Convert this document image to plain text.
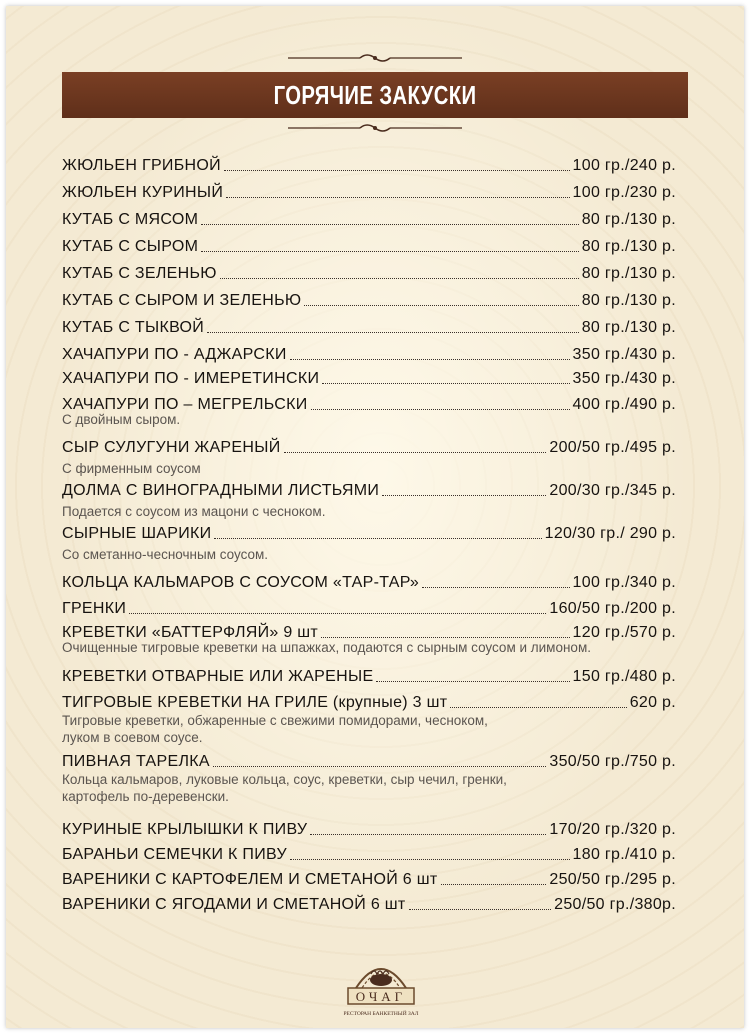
ГОРЯЧИЕ ЗАКУСКИ
ЖЮЛЬЕН ГРИБНОЙ	100 гр./240 р.
ЖЮЛЬЕН КУРИНЫЙ	100 гр./230 р.
КУТАБ С МЯСОМ	80 гр./130 р.
КУТАБ С СЫРОМ	80 гр./130 р.
КУТАБ С ЗЕЛЕНЬЮ	80 гр./130 р.
КУТАБ С СЫРОМ И ЗЕЛЕНЬЮ	80 гр./130 р.
КУТАБ С ТЫКВОЙ	80 гр./130 р.
ХАЧАПУРИ ПО - АДЖАРСКИ	350 гр./430 р.
ХАЧАПУРИ ПО - ИМЕРЕТИНСКИ	350 гр./430 р.
ХАЧАПУРИ ПО – МЕГРЕЛЬСКИ	400 гр./490 р.
С двойным сыром.
СЫР СУЛУГУНИ ЖАРЕНЫЙ	200/50 гр./495 р.
С фирменным соусом
ДОЛМА С ВИНОГРАДНЫМИ ЛИСТЬЯМИ	200/30 гр./345 р.
Подается с соусом из мацони с чесноком.
СЫРНЫЕ ШАРИКИ	120/30 гр./ 290 р.
Со сметанно-чесночным соусом.
КОЛЬЦА КАЛЬМАРОВ С СОУСОМ «ТАР-ТАР»	100 гр./340 р.
ГРЕНКИ	160/50 гр./200 р.
КРЕВЕТКИ «БАТТЕРФЛЯЙ» 9 шт	120 гр./570 р.
Очищенные тигровые креветки на шпажках, подаются с сырным соусом и лимоном.
КРЕВЕТКИ ОТВАРНЫЕ ИЛИ ЖАРЕНЫЕ	150 гр./480 р.
ТИГРОВЫЕ КРЕВЕТКИ НА ГРИЛЕ (крупные) 3 шт	620 р.
Тигровые креветки, обжаренные с свежими помидорами, чесноком,
луком в соевом соусе.
ПИВНАЯ ТАРЕЛКА	350/50 гр./750 р.
Кольца кальмаров, луковые кольца, соус, креветки, сыр чечил, гренки,
картофель по-деревенски.
КУРИНЫЕ КРЫЛЫШКИ К ПИВУ	170/20 гр./320 р.
БАРАНЬИ СЕМЕЧКИ К ПИВУ	180 гр./410 р.
ВАРЕНИКИ С КАРТОФЕЛЕМ И СМЕТАНОЙ 6 шт	250/50 гр./295 р.
ВАРЕНИКИ С ЯГОДАМИ И СМЕТАНОЙ 6 шт	250/50 гр./380р.
ОЧАГ
РЕСТОРАН БАНКЕТНЫЙ ЗАЛ
